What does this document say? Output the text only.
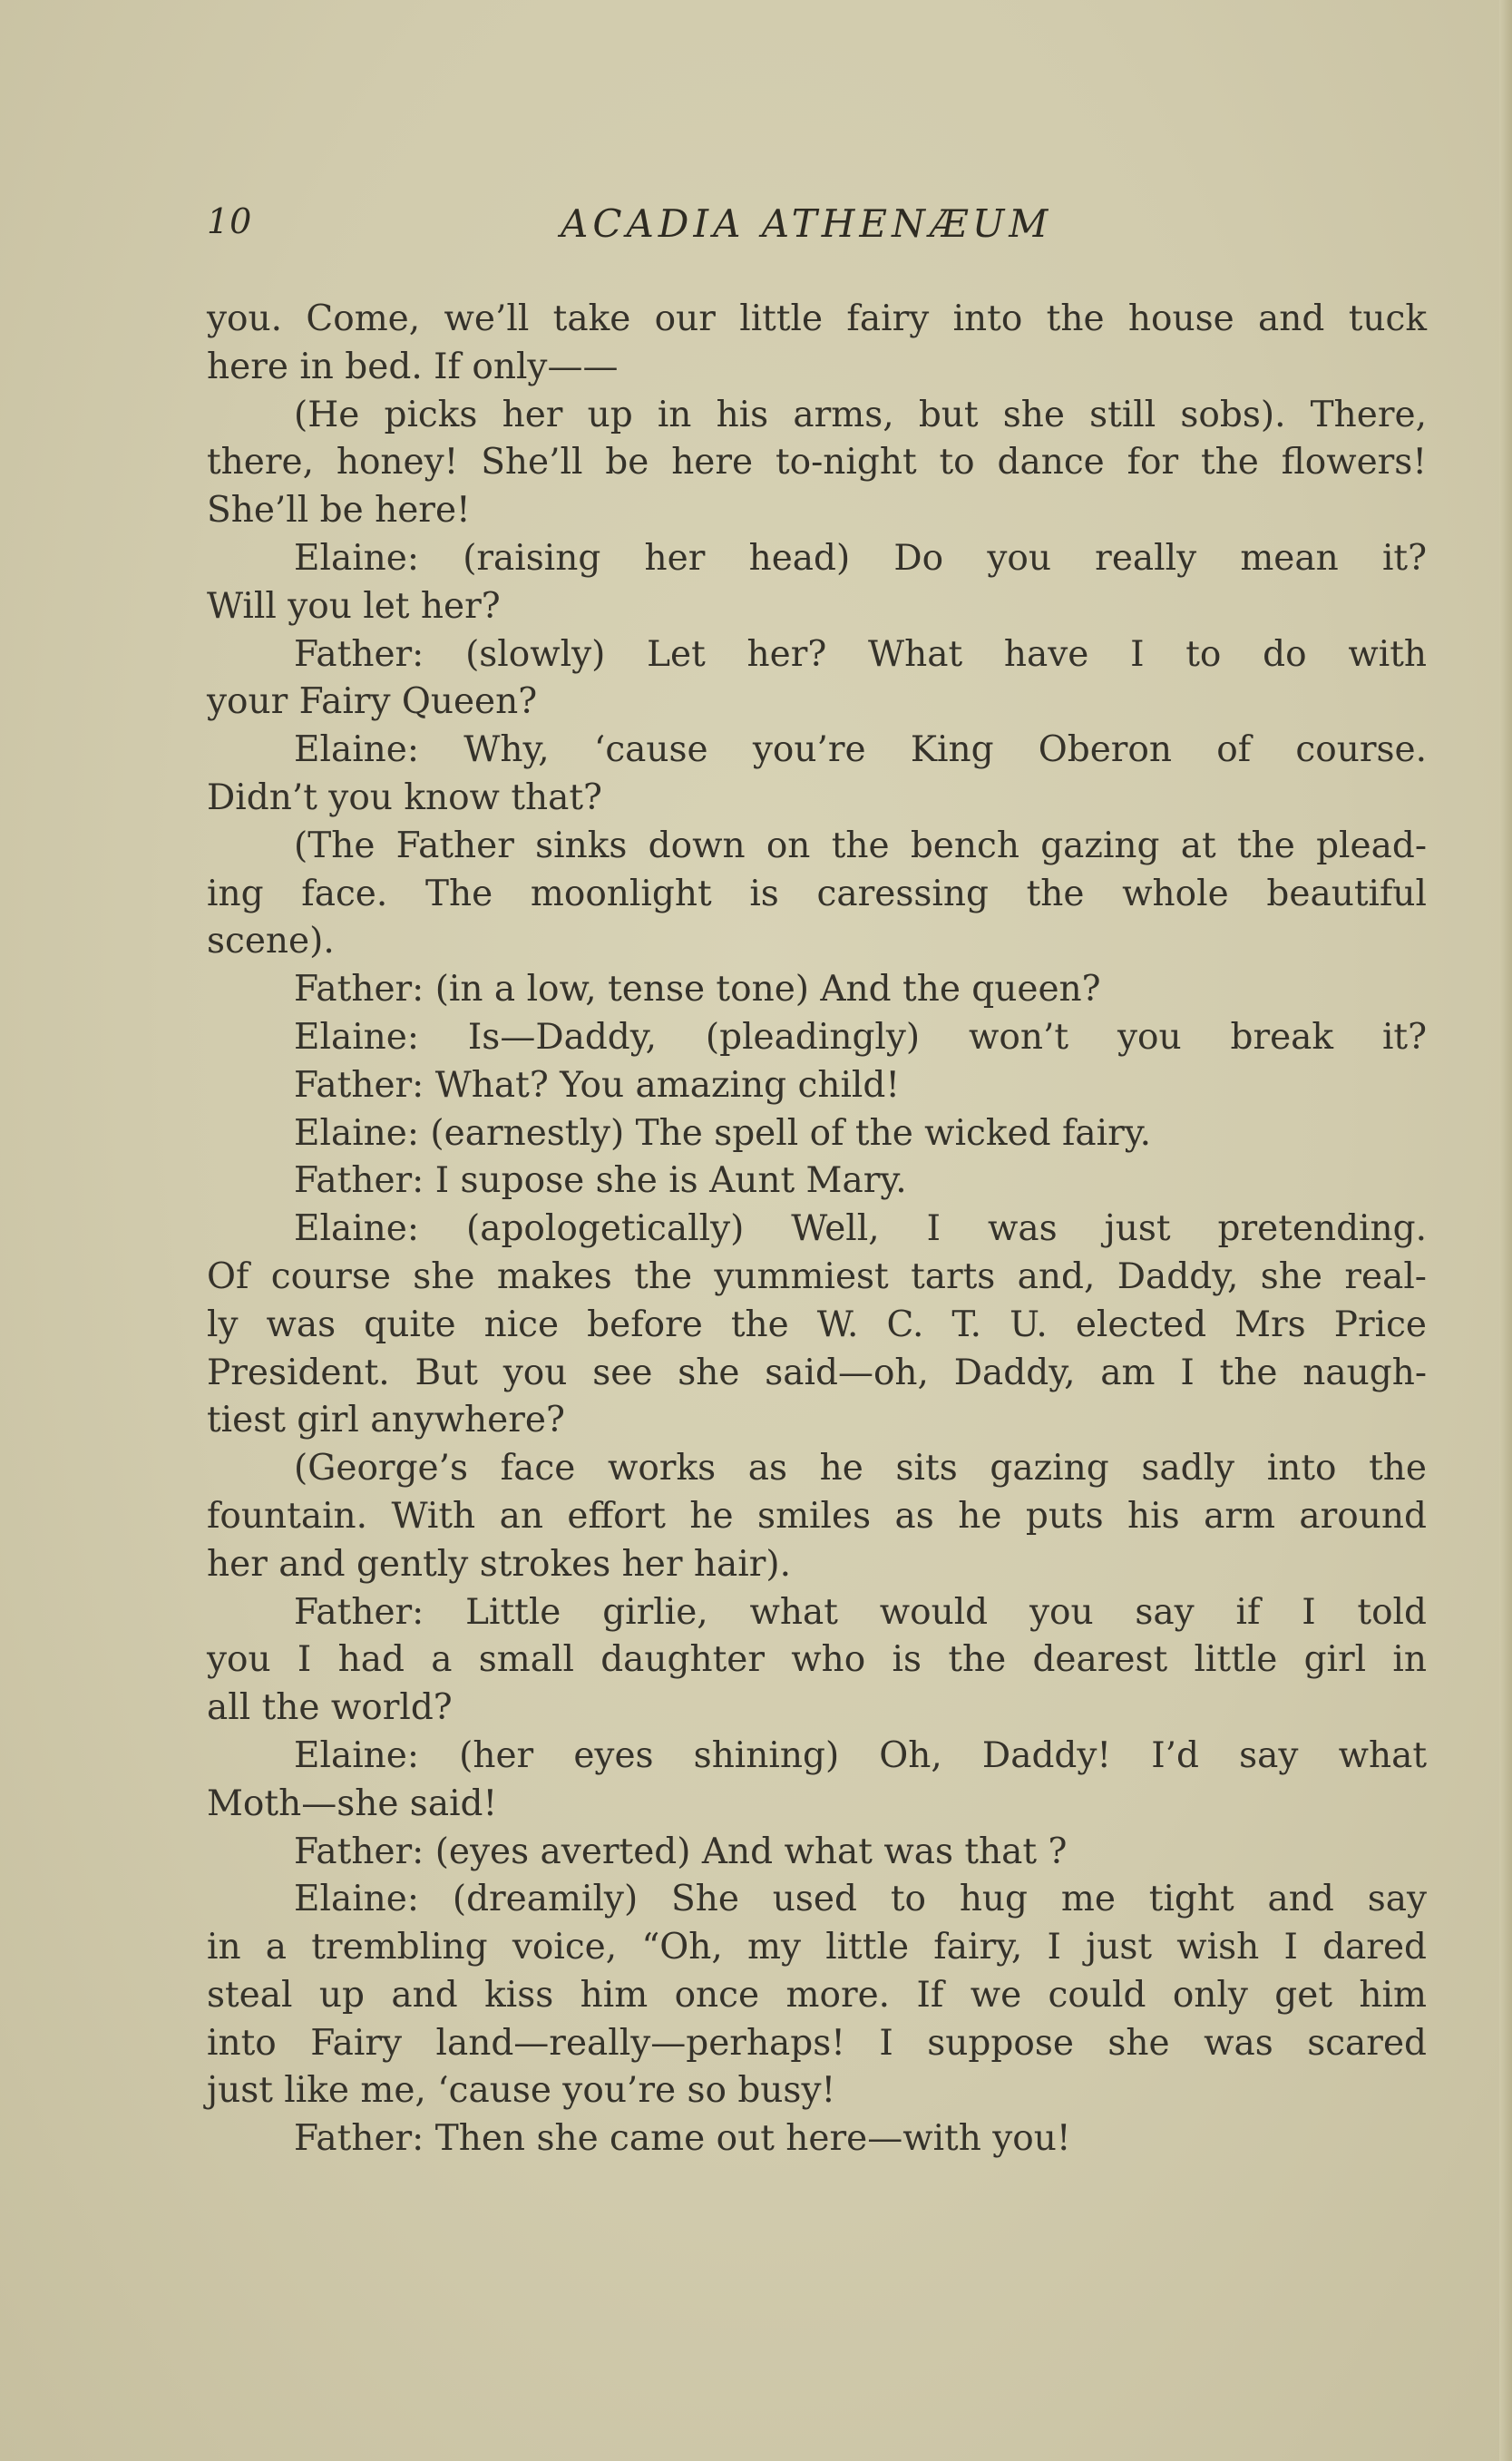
10	ACADIA ATHENÆUM
you. Come, we’ll take our little fairy into the house and tuck
here in bed. If only——
(He picks her up in his arms, but she still sobs). There,
there, honey! She’ll be here to-night to dance for the flowers!
She’ll be here!
Elaine: (raising her head) Do you really mean it?
Will you let her?
Father: (slowly) Let her? What have I to do with
your Fairy Queen?
Elaine: Why, ‘cause you’re King Oberon of course.
Didn’t you know that?
(The Father sinks down on the bench gazing at the plead-
ing face. The moonlight is caressing the whole beautiful
scene).
Father: (in a low, tense tone) And the queen?
Elaine: Is—Daddy, (pleadingly) won’t you break it?
Father: What? You amazing child!
Elaine: (earnestly) The spell of the wicked fairy.
Father: I supose she is Aunt Mary.
Elaine: (apologetically) Well, I was just pretending.
Of course she makes the yummiest tarts and, Daddy, she real-
ly was quite nice before the W. C. T. U. elected Mrs Price
President. But you see she said—oh, Daddy, am I the naugh-
tiest girl anywhere?
(George’s face works as he sits gazing sadly into the
fountain. With an effort he smiles as he puts his arm around
her and gently strokes her hair).
Father: Little girlie, what would you say if I told
you I had a small daughter who is the dearest little girl in
all the world?
Elaine: (her eyes shining) Oh, Daddy! I’d say what
Moth—she said!
Father: (eyes averted) And what was that ?
Elaine: (dreamily) She used to hug me tight and say
in a trembling voice, “Oh, my little fairy, I just wish I dared
steal up and kiss him once more. If we could only get him
into Fairy land—really—perhaps! I suppose she was scared
just like me, ‘cause you’re so busy!
Father: Then she came out here—with you!
